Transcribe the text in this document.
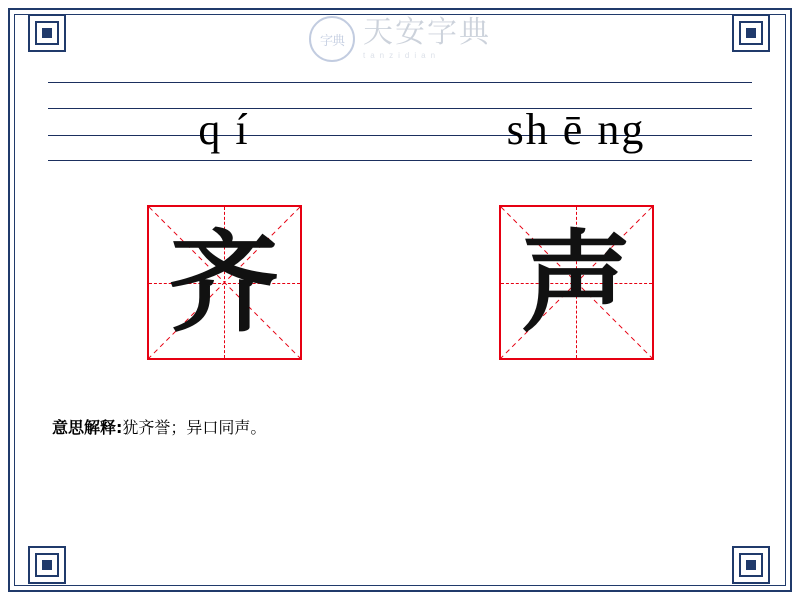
字典 天安字典
tanzidian
q í	sh ē ng
齐 声
意思解释:犹齐誉；异口同声。
